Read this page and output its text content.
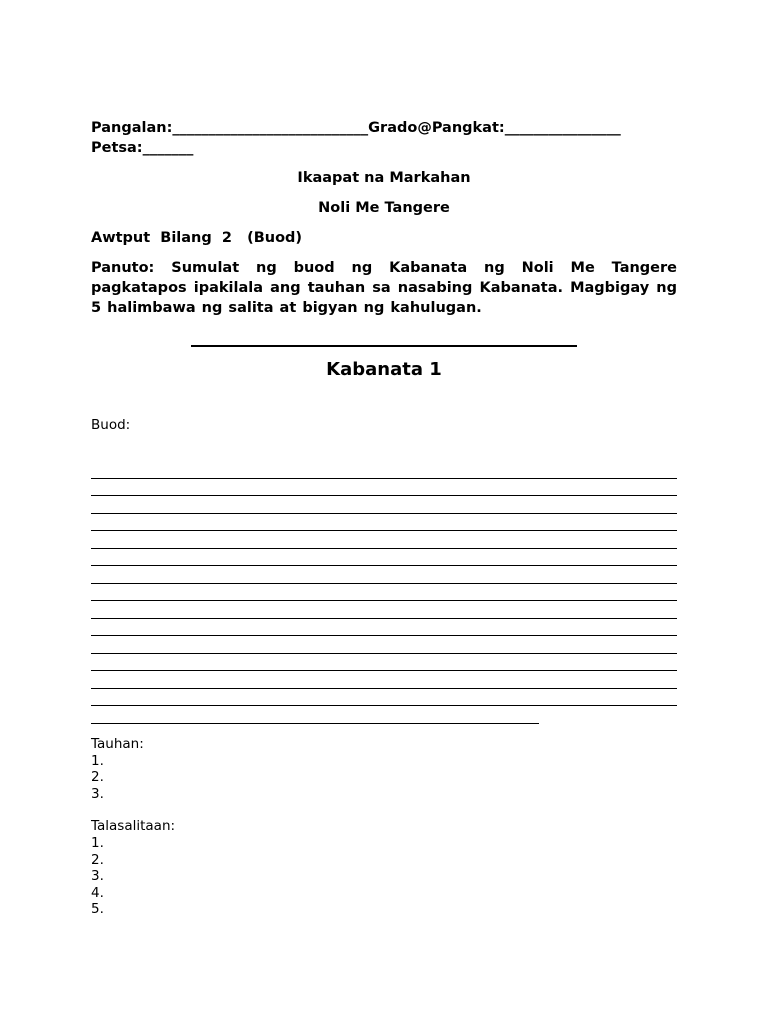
Pangalan:___________________________Grado@Pangkat:________________
Petsa:_______
Ikaapat na Markahan
Noli Me Tangere
Awtput  Bilang  2   (Buod)
Panuto: Sumulat ng buod ng Kabanata ng Noli Me Tangere pagkatapos ipakilala ang tauhan sa nasabing Kabanata. Magbigay ng 5 halimbawa ng salita at bigyan ng kahulugan.
Kabanata 1
Buod:
Tauhan:
1.
2.
3.
Talasalitaan:
1.
2.
3.
4.
5.
